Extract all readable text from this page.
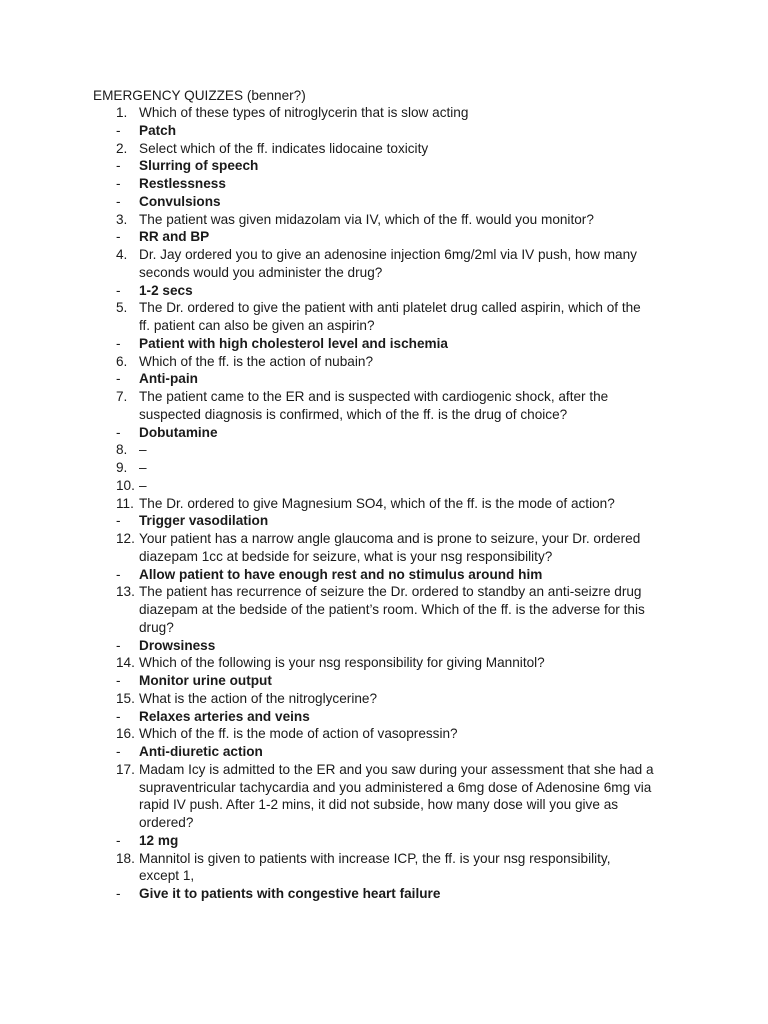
EMERGENCY QUIZZES (benner?)
1. Which of these types of nitroglycerin that is slow acting
-	Patch
2. Select which of the ff. indicates lidocaine toxicity
-	Slurring of speech
-	Restlessness
-	Convulsions
3. The patient was given midazolam via IV, which of the ff. would you monitor?
-	RR and BP
4. Dr. Jay ordered you to give an adenosine injection 6mg/2ml via IV push, how many
seconds would you administer the drug?
-	1-2 secs
5. The Dr. ordered to give the patient with anti platelet drug called aspirin, which of the
ff. patient can also be given an aspirin?
-	Patient with high cholesterol level and ischemia
6. Which of the ff. is the action of nubain?
-	Anti-pain
7. The patient came to the ER and is suspected with cardiogenic shock, after the
suspected diagnosis is confirmed, which of the ff. is the drug of choice?
-	Dobutamine
8. –
9. –
10. –
11. The Dr. ordered to give Magnesium SO4, which of the ff. is the mode of action?
-	Trigger vasodilation
12. Your patient has a narrow angle glaucoma and is prone to seizure, your Dr. ordered
diazepam 1cc at bedside for seizure, what is your nsg responsibility?
-	Allow patient to have enough rest and no stimulus around him
13. The patient has recurrence of seizure the Dr. ordered to standby an anti-seizre drug
diazepam at the bedside of the patient’s room. Which of the ff. is the adverse for this
drug?
-	Drowsiness
14. Which of the following is your nsg responsibility for giving Mannitol?
-	Monitor urine output
15. What is the action of the nitroglycerine?
-	Relaxes arteries and veins
16. Which of the ff. is the mode of action of vasopressin?
-	Anti-diuretic action
17. Madam Icy is admitted to the ER and you saw during your assessment that she had a
supraventricular tachycardia and you administered a 6mg dose of Adenosine 6mg via
rapid IV push. After 1-2 mins, it did not subside, how many dose will you give as
ordered?
-	12 mg
18. Mannitol is given to patients with increase ICP, the ff. is your nsg responsibility,
except 1,
-	Give it to patients with congestive heart failure
